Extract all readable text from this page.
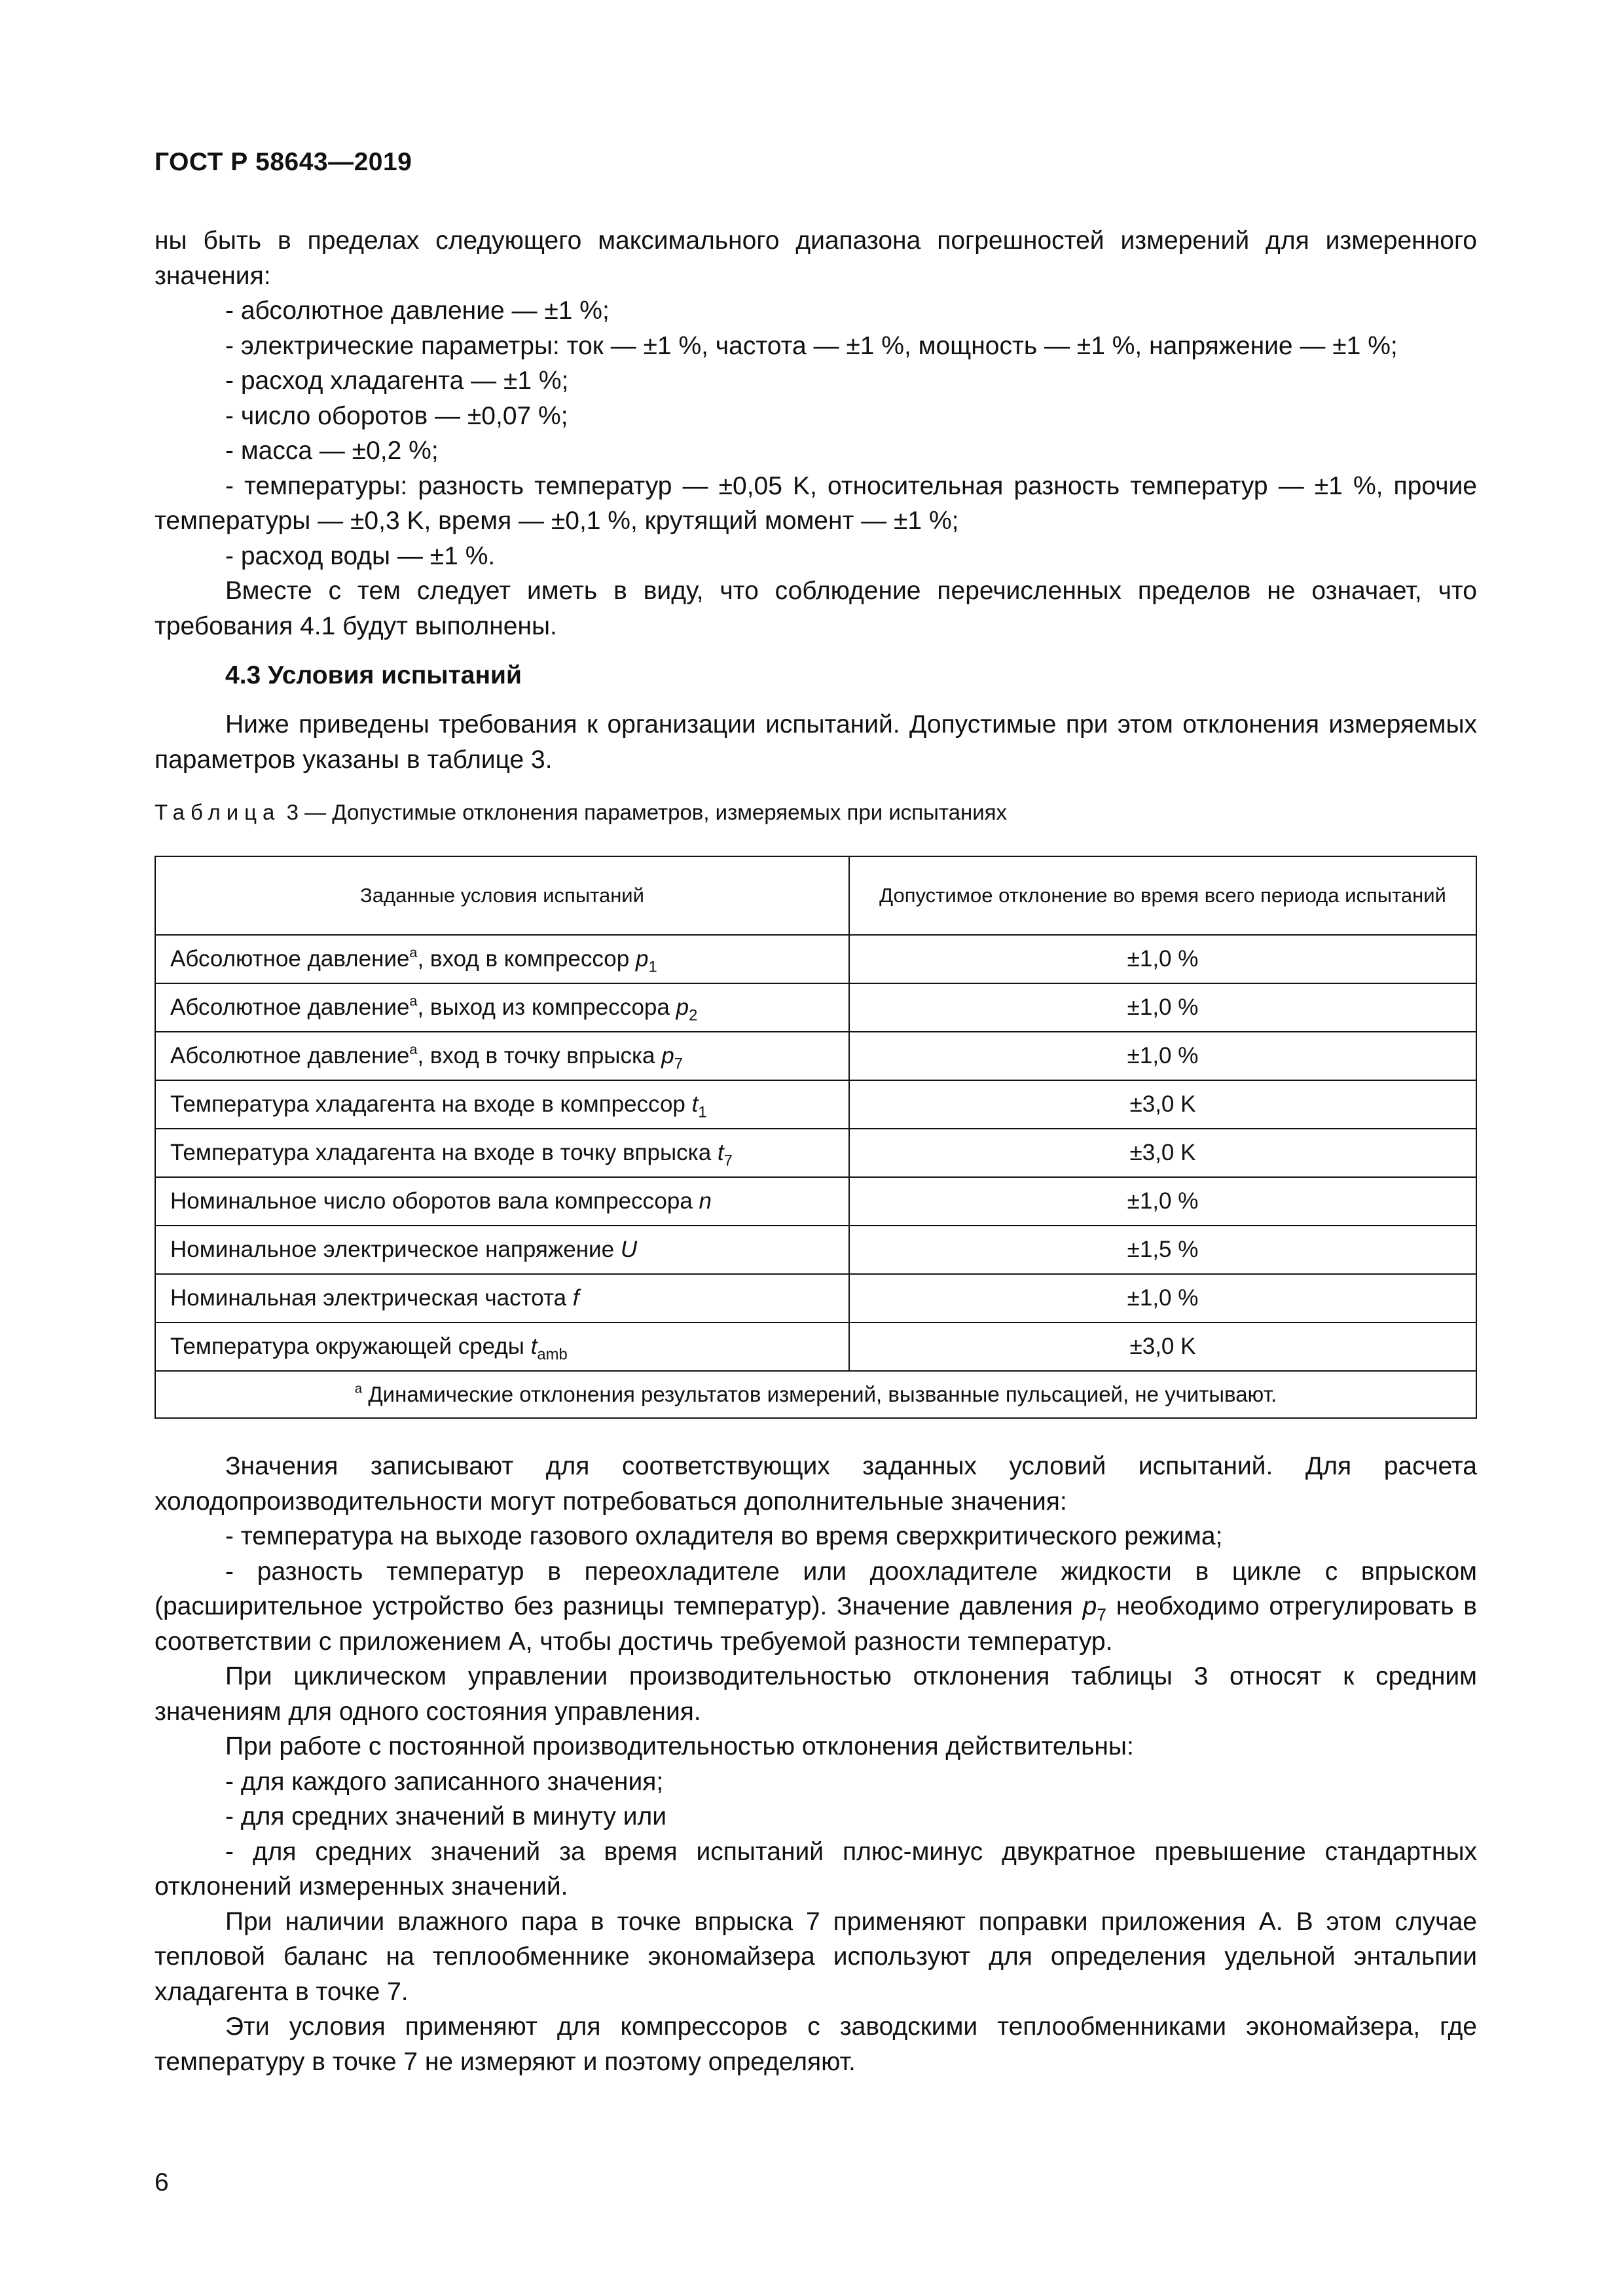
ГОСТ Р 58643—2019

ны быть в пределах следующего максимального диапазона погрешностей измерений для измеренного значения:

- абсолютное давление — ±1 %;

- электрические параметры: ток — ±1 %, частота — ±1 %, мощность — ±1 %, напряжение — ±1 %;

- расход хладагента — ±1 %;

- число оборотов — ±0,07 %;

- масса — ±0,2 %;

- температуры: разность температур — ±0,05 K, относительная разность температур — ±1 %, прочие температуры — ±0,3 K, время — ±0,1 %, крутящий момент — ±1 %;

- расход воды — ±1 %.

Вместе с тем следует иметь в виду, что соблюдение перечисленных пределов не означает, что требования 4.1 будут выполнены.

4.3 Условия испытаний

Ниже приведены требования к организации испытаний. Допустимые при этом отклонения измеряемых параметров указаны в таблице 3.

Таблица 3 — Допустимые отклонения параметров, измеряемых при испытаниях
Заданные условия испытаний	Допустимое отклонение во время всего периода испытаний
Абсолютное давление$^a$, вход в компрессор $p_1$	±1,0 %
Абсолютное давление$^a$, выход из компрессора $p_2$	±1,0 %
Абсолютное давление$^a$, вход в точку впрыска $p_7$	±1,0 %
Температура хладагента на входе в компрессор $t_1$	±3,0 K
Температура хладагента на входе в точку впрыска $t_7$	±3,0 K
Номинальное число оборотов вала компрессора n	±1,0 %
Номинальное электрическое напряжение U	±1,5 %
Номинальная электрическая частота f	±1,0 %
Температура окружающей среды $t_{amb}$	±3,0 K
$^a$ Динамические отклонения результатов измерений, вызванные пульсацией, не учитывают.	

Значения записывают для соответствующих заданных условий испытаний. Для расчета холодопроизводительности могут потребоваться дополнительные значения:

- температура на выходе газового охладителя во время сверхкритического режима;

- разность температур в переохладителе или доохладителе жидкости в цикле с впрыском (расширительное устройство без разницы температур). Значение давления $p_7$ необходимо отрегулировать в соответствии с приложением А, чтобы достичь требуемой разности температур.

При циклическом управлении производительностью отклонения таблицы 3 относят к средним значениям для одного состояния управления.

При работе с постоянной производительностью отклонения действительны:

- для каждого записанного значения;

- для средних значений в минуту или

- для средних значений за время испытаний плюс-минус двукратное превышение стандартных отклонений измеренных значений.

При наличии влажного пара в точке впрыска 7 применяют поправки приложения А. В этом случае тепловой баланс на теплообменнике экономайзера используют для определения удельной энтальпии хладагента в точке 7.

Эти условия применяют для компрессоров с заводскими теплообменниками экономайзера, где температуру в точке 7 не измеряют и поэтому определяют.

6
